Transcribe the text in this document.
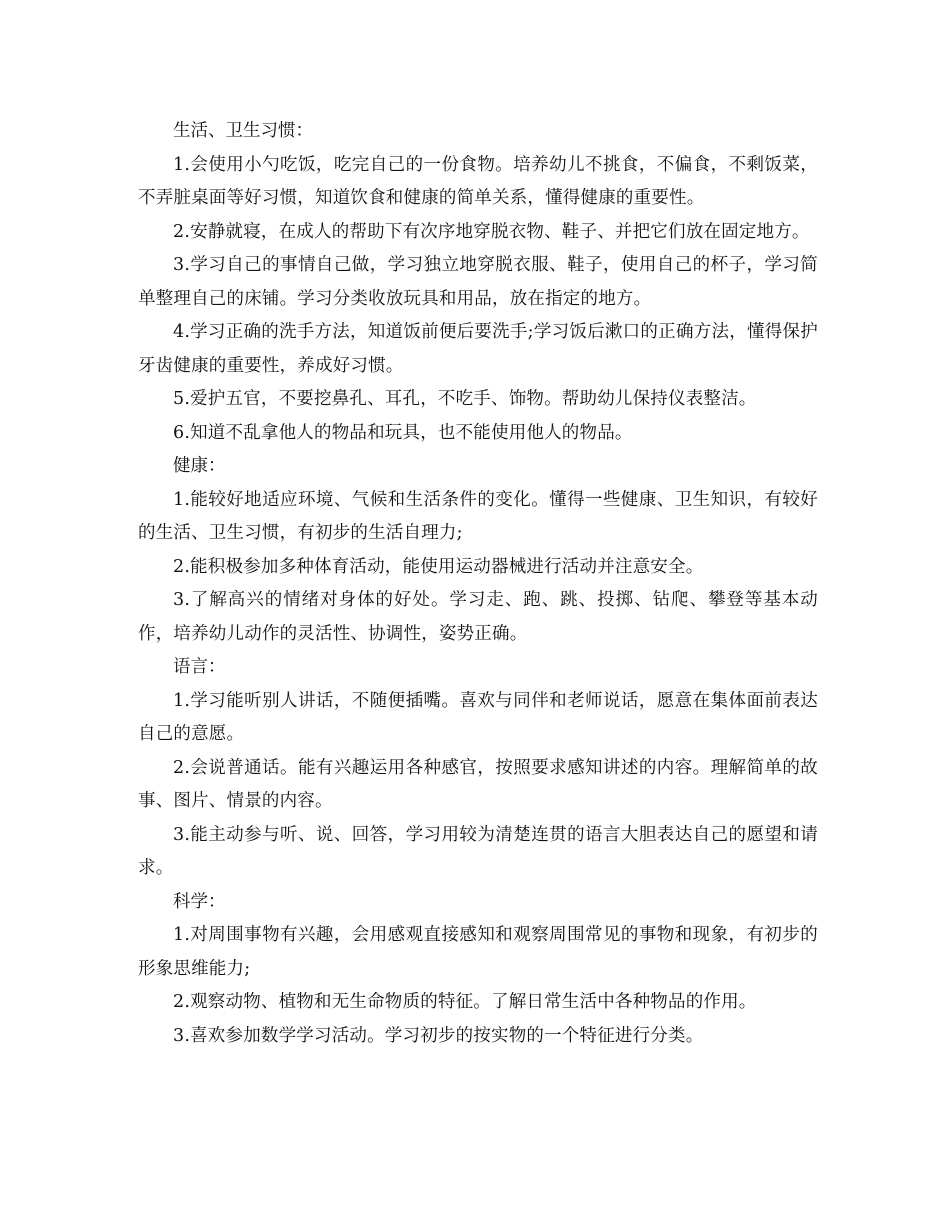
生活、卫生习惯：

1.会使用小勺吃饭，吃完自己的一份食物。培养幼儿不挑食，不偏食，不剩饭菜，不弄脏桌面等好习惯，知道饮食和健康的简单关系，懂得健康的重要性。

2.安静就寝，在成人的帮助下有次序地穿脱衣物、鞋子、并把它们放在固定地方。

3.学习自己的事情自己做，学习独立地穿脱衣服、鞋子，使用自己的杯子，学习简单整理自己的床铺。学习分类收放玩具和用品，放在指定的地方。

4.学习正确的洗手方法，知道饭前便后要洗手;学习饭后漱口的正确方法，懂得保护牙齿健康的重要性，养成好习惯。

5.爱护五官，不要挖鼻孔、耳孔，不吃手、饰物。帮助幼儿保持仪表整洁。

6.知道不乱拿他人的物品和玩具，也不能使用他人的物品。

健康：

1.能较好地适应环境、气候和生活条件的变化。懂得一些健康、卫生知识，有较好的生活、卫生习惯，有初步的生活自理力;

2.能积极参加多种体育活动，能使用运动器械进行活动并注意安全。

3.了解高兴的情绪对身体的好处。学习走、跑、跳、投掷、钻爬、攀登等基本动作，培养幼儿动作的灵活性、协调性，姿势正确。

语言：

1.学习能听别人讲话，不随便插嘴。喜欢与同伴和老师说话，愿意在集体面前表达自己的意愿。

2.会说普通话。能有兴趣运用各种感官，按照要求感知讲述的内容。理解简单的故事、图片、情景的内容。

3.能主动参与听、说、回答，学习用较为清楚连贯的语言大胆表达自己的愿望和请求。

科学：

1.对周围事物有兴趣，会用感观直接感知和观察周围常见的事物和现象，有初步的形象思维能力;

2.观察动物、植物和无生命物质的特征。了解日常生活中各种物品的作用。

3.喜欢参加数学学习活动。学习初步的按实物的一个特征进行分类。
